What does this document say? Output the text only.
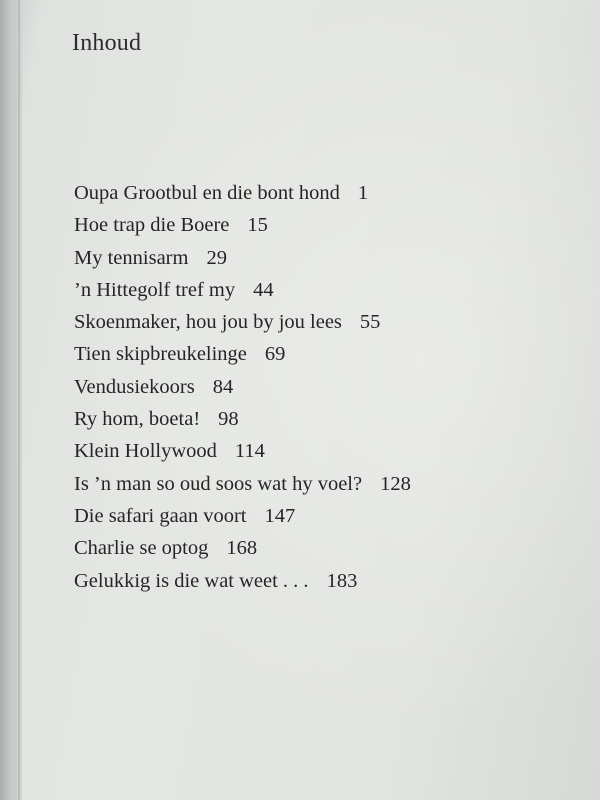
Inhoud
Oupa Grootbul en die bont hond 1
Hoe trap die Boere 15
My tennisarm 29
’n Hittegolf tref my 44
Skoenmaker, hou jou by jou lees 55
Tien skipbreukelinge 69
Vendusiekoors 84
Ry hom, boeta! 98
Klein Hollywood 114
Is ’n man so oud soos wat hy voel? 128
Die safari gaan voort 147
Charlie se optog 168
Gelukkig is die wat weet . . . 183
